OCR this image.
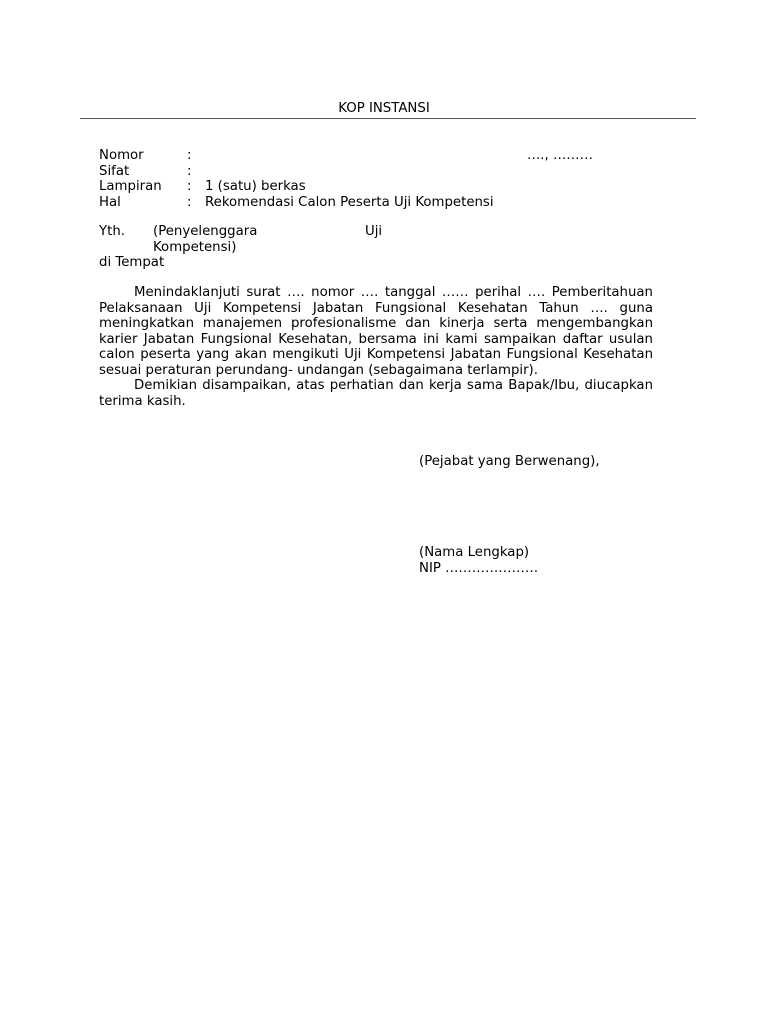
KOP INSTANSI
Nomor	:	…., ………
Sifat	:
Lampiran : 1 (satu) berkas
Hal	: Rekomendasi Calon Peserta Uji Kompetensi
Yth. (Penyelenggara	Uji
Kompetensi)
di Tempat

Menindaklanjuti surat …. nomor …. tanggal …… perihal …. Pemberitahuan Pelaksanaan Uji Kompetensi Jabatan Fungsional Kesehatan Tahun …. guna meningkatkan manajemen profesionalisme dan kinerja serta mengembangkan karier Jabatan Fungsional Kesehatan, bersama ini kami sampaikan daftar usulan calon peserta yang akan mengikuti Uji Kompetensi Jabatan Fungsional Kesehatan sesuai peraturan perundang- undangan (sebagaimana terlampir).

Demikian disampaikan, atas perhatian dan kerja sama Bapak/Ibu, diucapkan terima kasih.

(Pejabat yang Berwenang),
(Nama Lengkap)
NIP …………………
